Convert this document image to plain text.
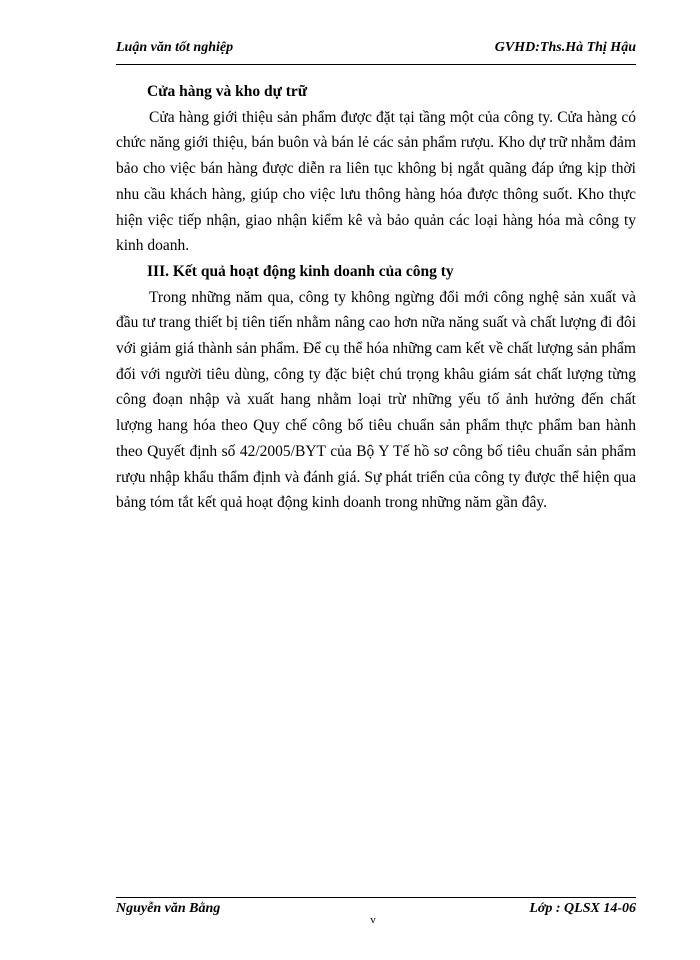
Luận văn tốt nghiệp	GVHD:Ths.Hà Thị Hậu

Cửa hàng và kho dự trữ

Cửa hàng giới thiệu sản phẩm được đặt tại tầng một của công ty. Cửa hàng có chức năng giới thiệu, bán buôn và bán lẻ các sản phẩm rượu. Kho dự trữ nhằm đảm bảo cho việc bán hàng được diễn ra liên tục không bị ngắt quãng đáp ứng kịp thời nhu cầu khách hàng, giúp cho việc lưu thông hàng hóa được thông suốt. Kho thực hiện việc tiếp nhận, giao nhận kiểm kê và bảo quản các loại hàng hóa mà công ty kinh doanh.

III. Kết quả hoạt động kinh doanh của công ty

Trong những năm qua, công ty không ngừng đổi mới công nghệ sản xuất và đầu tư trang thiết bị tiên tiến nhằm nâng cao hơn nữa năng suất và chất lượng đi đôi với giảm giá thành sản phẩm. Để cụ thể hóa những cam kết về chất lượng sản phẩm đối với người tiêu dùng, công ty đặc biệt chú trọng khâu giám sát chất lượng từng công đoạn nhập và xuất hang nhằm loại trừ những yếu tố ảnh hưởng đến chất lượng hang hóa theo Quy chế công bố tiêu chuẩn sản phẩm thực phẩm ban hành theo Quyết định số 42/2005/BYT của Bộ Y Tế hồ sơ công bố tiêu chuẩn sản phẩm rượu nhập khẩu thẩm định và đánh giá. Sự phát triển của công ty được thể hiện qua bảng tóm tắt kết quả hoạt động kinh doanh trong những năm gần đây.

Nguyễn văn Bằng	Lớp : QLSX 14-06
v
